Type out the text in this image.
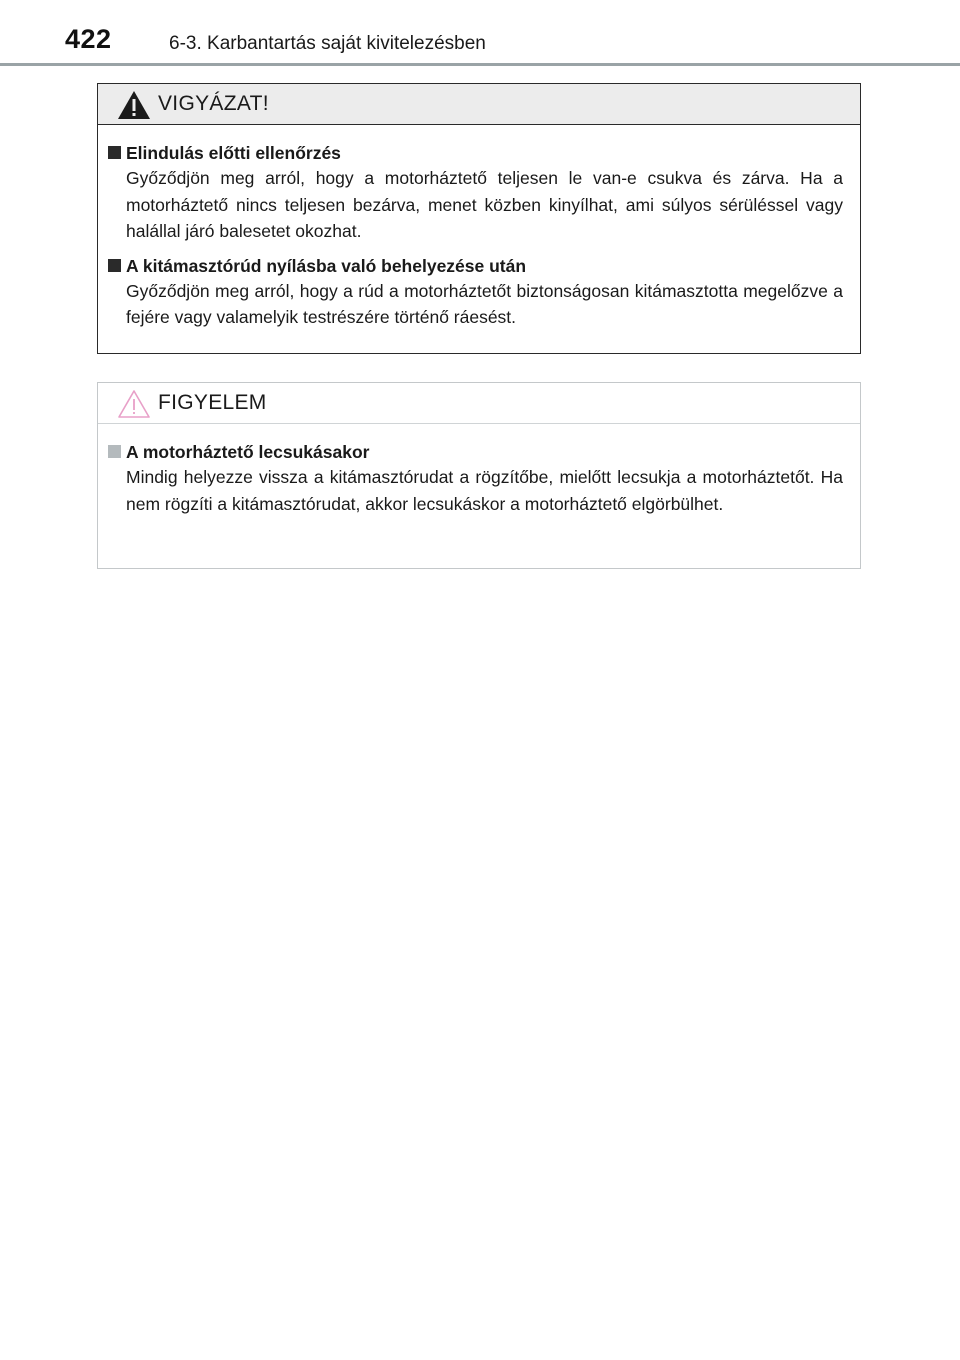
422	6-3. Karbantartás saját kivitelezésben
VIGYÁZAT!
Elindulás előtti ellenőrzés
Győződjön meg arról, hogy a motorháztető teljesen le van-e csukva és zárva. Ha a motorháztető nincs teljesen bezárva, menet közben kinyílhat, ami súlyos sérüléssel vagy halállal járó balesetet okozhat.
A kitámasztórúd nyílásba való behelyezése után
Győződjön meg arról, hogy a rúd a motorháztetőt biztonságosan kitámasztotta megelőzve a fejére vagy valamelyik testrészére történő ráesést.
FIGYELEM
A motorháztető lecsukásakor
Mindig helyezze vissza a kitámasztórudat a rögzítőbe, mielőtt lecsukja a motorháztetőt. Ha nem rögzíti a kitámasztórudat, akkor lecsukáskor a motorháztető elgörbülhet.
